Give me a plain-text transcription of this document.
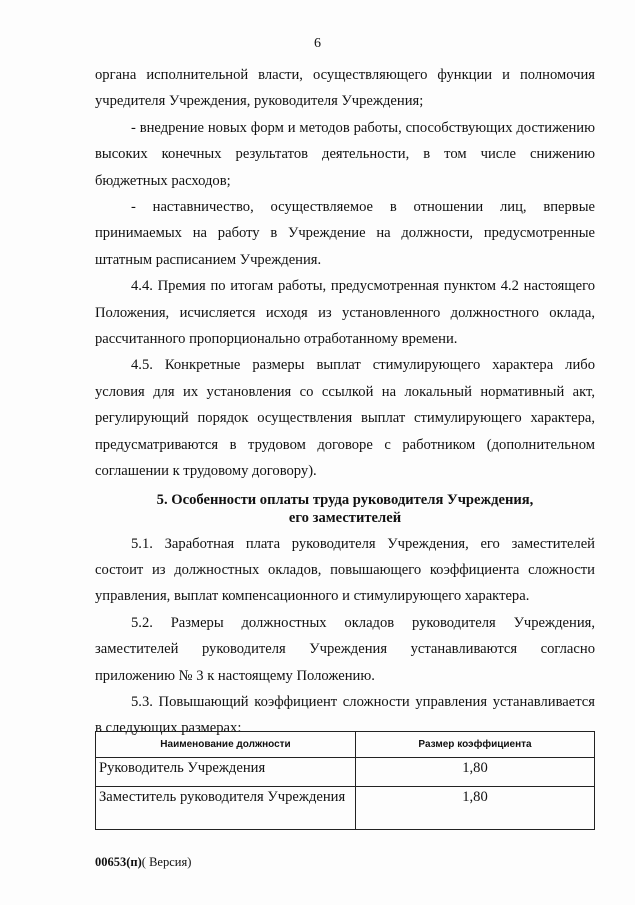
6

органа исполнительной власти, осуществляющего функции и полномочия учредителя Учреждения, руководителя Учреждения;

- внедрение новых форм и методов работы, способствующих достижению высоких конечных результатов деятельности, в том числе снижению бюджетных расходов;

- наставничество, осуществляемое в отношении лиц, впервые принимаемых на работу в Учреждение на должности, предусмотренные штатным расписанием Учреждения.

4.4. Премия по итогам работы, предусмотренная пунктом 4.2 настоящего Положения, исчисляется исходя из установленного должностного оклада, рассчитанного пропорционально отработанному времени.

4.5. Конкретные размеры выплат стимулирующего характера либо условия для их установления со ссылкой на локальный нормативный акт, регулирующий порядок осуществления выплат стимулирующего характера, предусматриваются в трудовом договоре с работником (дополнительном соглашении к трудовому договору).

5. Особенности оплаты труда руководителя Учреждения,
его заместителей

5.1. Заработная плата руководителя Учреждения, его заместителей состоит из должностных окладов, повышающего коэффициента сложности управления, выплат компенсационного и стимулирующего характера.

5.2. Размеры должностных окладов руководителя Учреждения, заместителей руководителя Учреждения устанавливаются согласно приложению № 3 к настоящему Положению.

5.3. Повышающий коэффициент сложности управления устанавливается в следующих размерах:

Наименование должности	Размер коэффициента
Руководитель Учреждения	1,80
Заместитель руководителя Учреждения	1,80
00653(п)( Версия)
